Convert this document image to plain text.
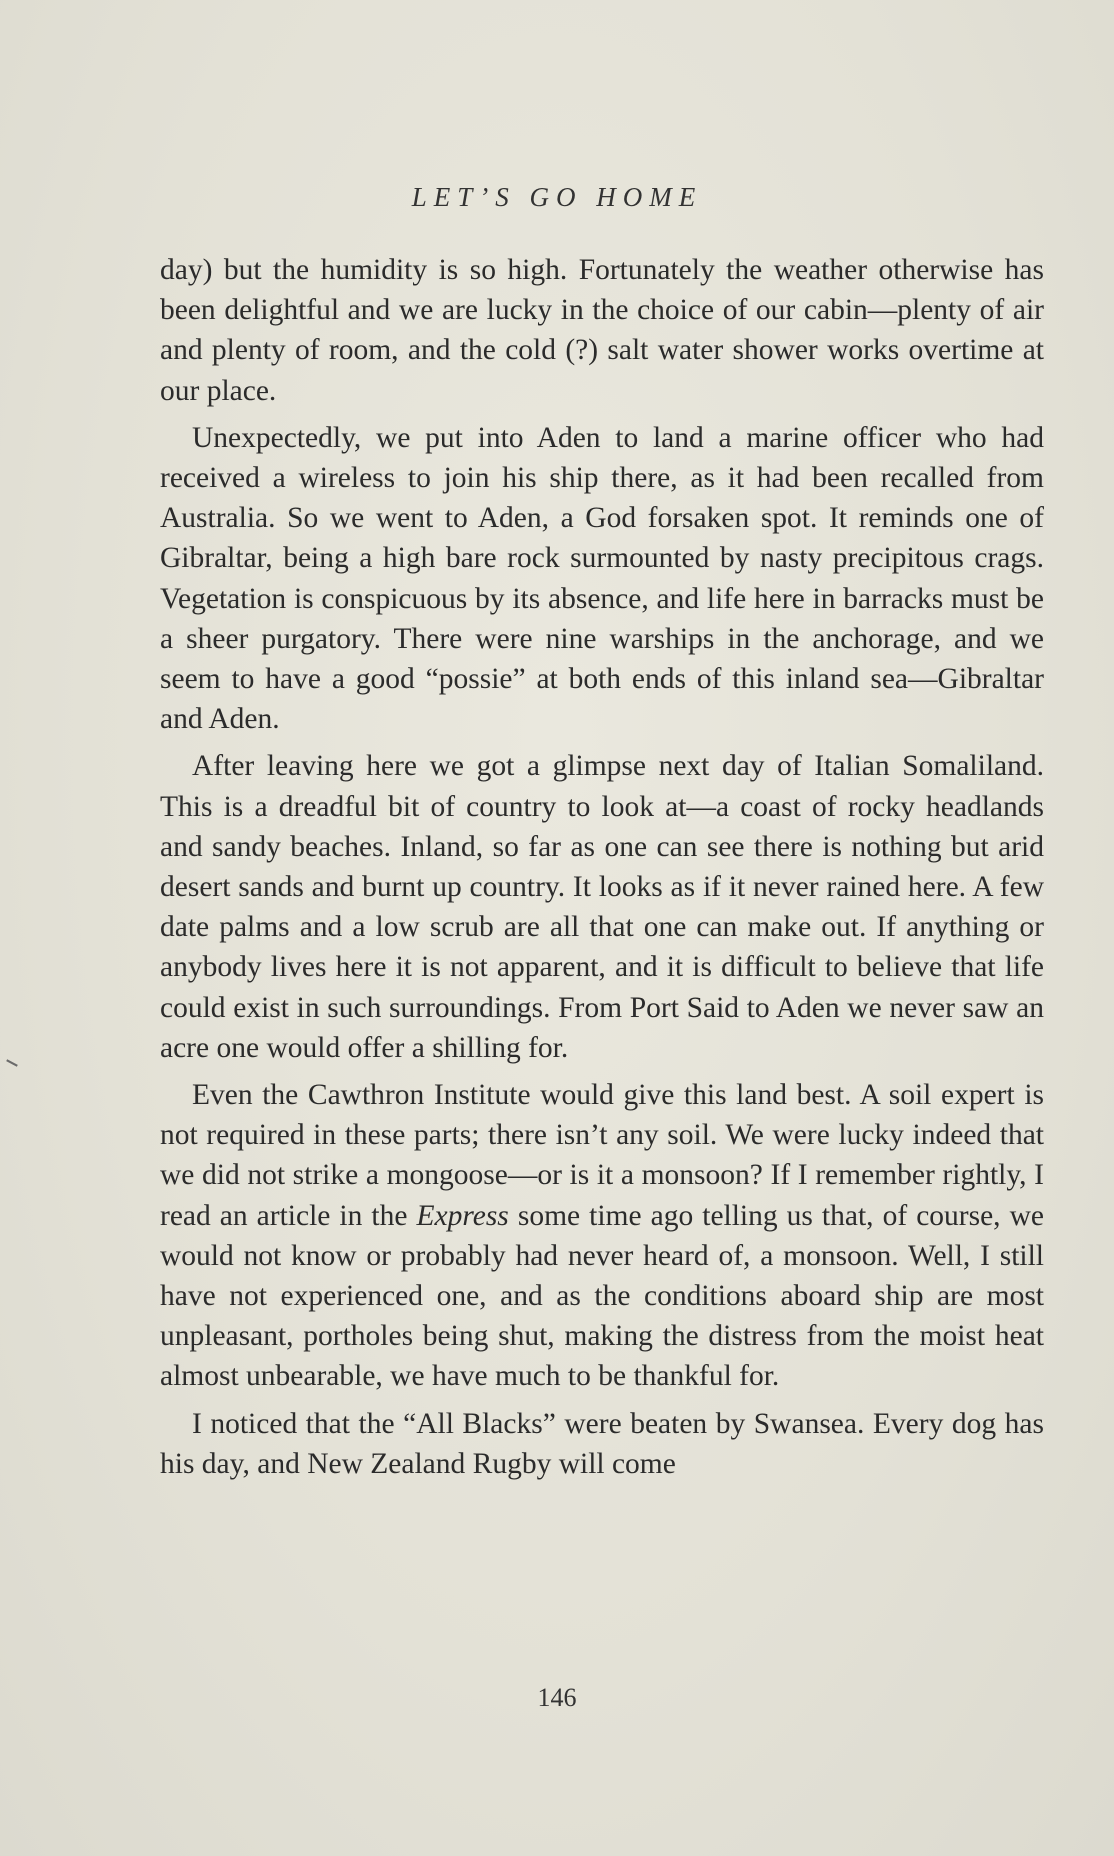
LET’S GO HOME

day) but the humidity is so high. Fortunately the weather otherwise has been delightful and we are lucky in the choice of our cabin—plenty of air and plenty of room, and the cold (?) salt water shower works overtime at our place.

Unexpectedly, we put into Aden to land a marine officer who had received a wireless to join his ship there, as it had been recalled from Australia. So we went to Aden, a God forsaken spot. It reminds one of Gibraltar, being a high bare rock surmounted by nasty precipitous crags. Vegetation is conspicuous by its absence, and life here in barracks must be a sheer purgatory. There were nine warships in the anchorage, and we seem to have a good “possie” at both ends of this inland sea—Gibraltar and Aden.

After leaving here we got a glimpse next day of Italian Somaliland. This is a dreadful bit of country to look at—a coast of rocky headlands and sandy beaches. Inland, so far as one can see there is nothing but arid desert sands and burnt up country. It looks as if it never rained here. A few date palms and a low scrub are all that one can make out. If anything or anybody lives here it is not apparent, and it is difficult to believe that life could exist in such surroundings. From Port Said to Aden we never saw an acre one would offer a shilling for.

Even the Cawthron Institute would give this land best. A soil expert is not required in these parts; there isn’t any soil. We were lucky indeed that we did not strike a mongoose—or is it a monsoon? If I remember rightly, I read an article in the Express some time ago telling us that, of course, we would not know or probably had never heard of, a monsoon. Well, I still have not experienced one, and as the conditions aboard ship are most unpleasant, portholes being shut, making the distress from the moist heat almost unbearable, we have much to be thankful for.

I noticed that the “All Blacks” were beaten by Swansea. Every dog has his day, and New Zealand Rugby will come

146
